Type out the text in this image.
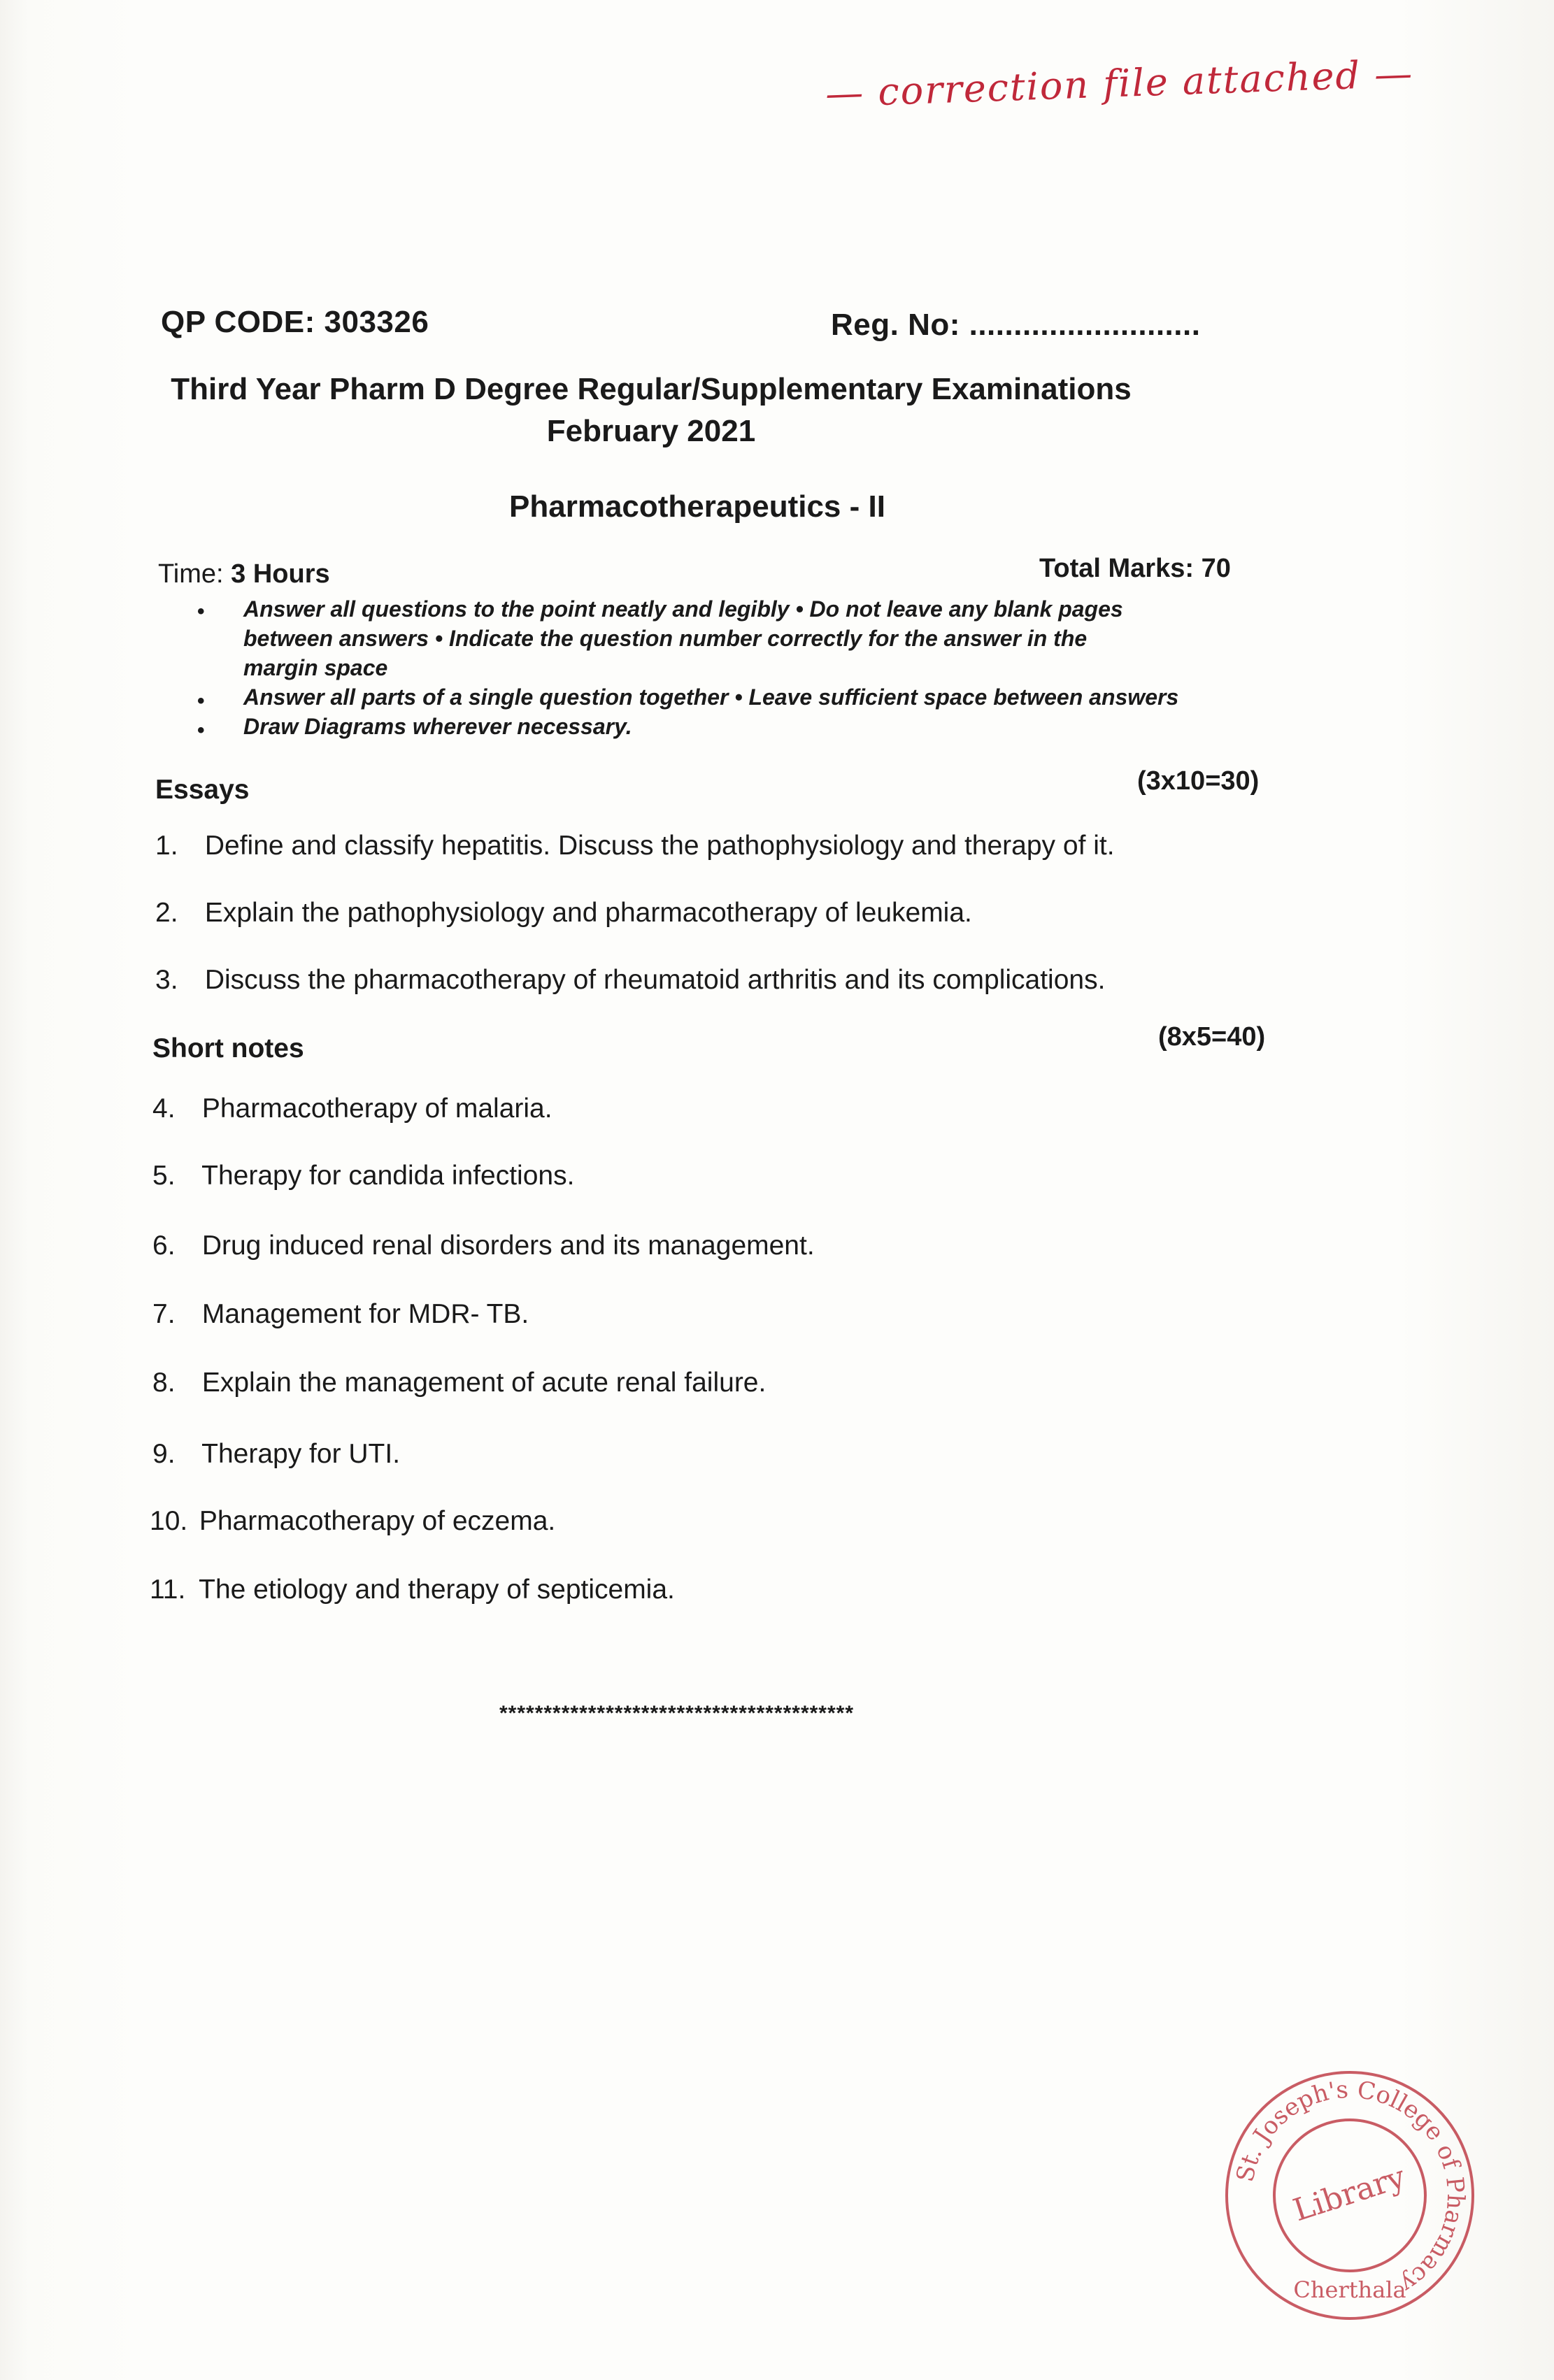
— correction file attached —
QP CODE: 303326	Reg. No: ..........................
Third Year Pharm D Degree Regular/Supplementary Examinations
February 2021
Pharmacotherapeutics - II
Time: 3 Hours	Total Marks: 70
• Answer all questions to the point neatly and legibly • Do not leave any blank pages
between answers • Indicate the question number correctly for the answer in the
margin space
• Answer all parts of a single question together • Leave sufficient space between answers
• Draw Diagrams wherever necessary.
Essays	(3x10=30)
1. Define and classify hepatitis. Discuss the pathophysiology and therapy of it.
2. Explain the pathophysiology and pharmacotherapy of leukemia.
3. Discuss the pharmacotherapy of rheumatoid arthritis and its complications.
Short notes	(8x5=40)
4. Pharmacotherapy of malaria.
5. Therapy for candida infections.
6. Drug induced renal disorders and its management.
7. Management for MDR- TB.
8. Explain the management of acute renal failure.
9. Therapy for UTI.
10. Pharmacotherapy of eczema.
11. The etiology and therapy of septicemia.
****************************************
St. Joseph's College of Pharmacy
Cherthala
Library
